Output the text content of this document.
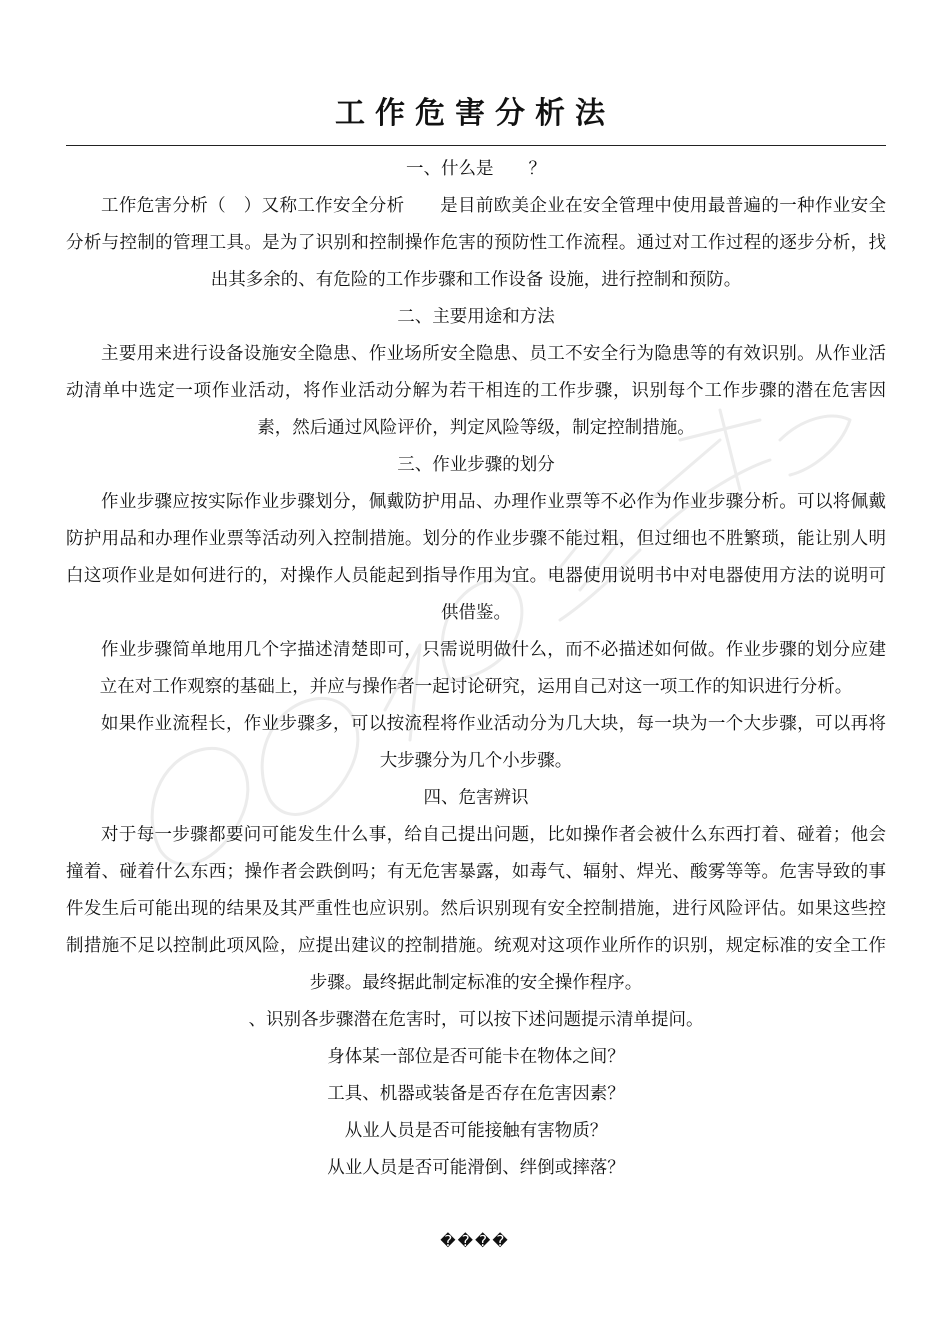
工作危害分析法

一、什么是　　？

工作危害分析（　）又称工作安全分析　　是目前欧美企业在安全管理中使用最普遍的一种作业安全分析与控制的管理工具。是为了识别和控制操作危害的预防性工作流程。通过对工作过程的逐步分析，找出其多余的、有危险的工作步骤和工作设备 设施，进行控制和预防。

二、主要用途和方法

主要用来进行设备设施安全隐患、作业场所安全隐患、员工不安全行为隐患等的有效识别。从作业活动清单中选定一项作业活动，将作业活动分解为若干相连的工作步骤，识别每个工作步骤的潜在危害因素，然后通过风险评价，判定风险等级，制定控制措施。

三、作业步骤的划分

作业步骤应按实际作业步骤划分，佩戴防护用品、办理作业票等不必作为作业步骤分析。可以将佩戴防护用品和办理作业票等活动列入控制措施。划分的作业步骤不能过粗，但过细也不胜繁琐，能让别人明白这项作业是如何进行的，对操作人员能起到指导作用为宜。电器使用说明书中对电器使用方法的说明可供借鉴。

作业步骤简单地用几个字描述清楚即可，只需说明做什么，而不必描述如何做。作业步骤的划分应建立在对工作观察的基础上，并应与操作者一起讨论研究，运用自己对这一项工作的知识进行分析。

如果作业流程长，作业步骤多，可以按流程将作业活动分为几大块，每一块为一个大步骤，可以再将大步骤分为几个小步骤。

四、危害辨识

对于每一步骤都要问可能发生什么事，给自己提出问题，比如操作者会被什么东西打着、碰着；他会撞着、碰着什么东西；操作者会跌倒吗；有无危害暴露，如毒气、辐射、焊光、酸雾等等。危害导致的事件发生后可能出现的结果及其严重性也应识别。然后识别现有安全控制措施，进行风险评估。如果这些控制措施不足以控制此项风险，应提出建议的控制措施。统观对这项作业所作的识别，规定标准的安全工作步骤。最终据此制定标准的安全操作程序。

、识别各步骤潜在危害时，可以按下述问题提示清单提问。

身体某一部位是否可能卡在物体之间？

工具、机器或装备是否存在危害因素？

从业人员是否可能接触有害物质？

从业人员是否可能滑倒、绊倒或摔落？

����
